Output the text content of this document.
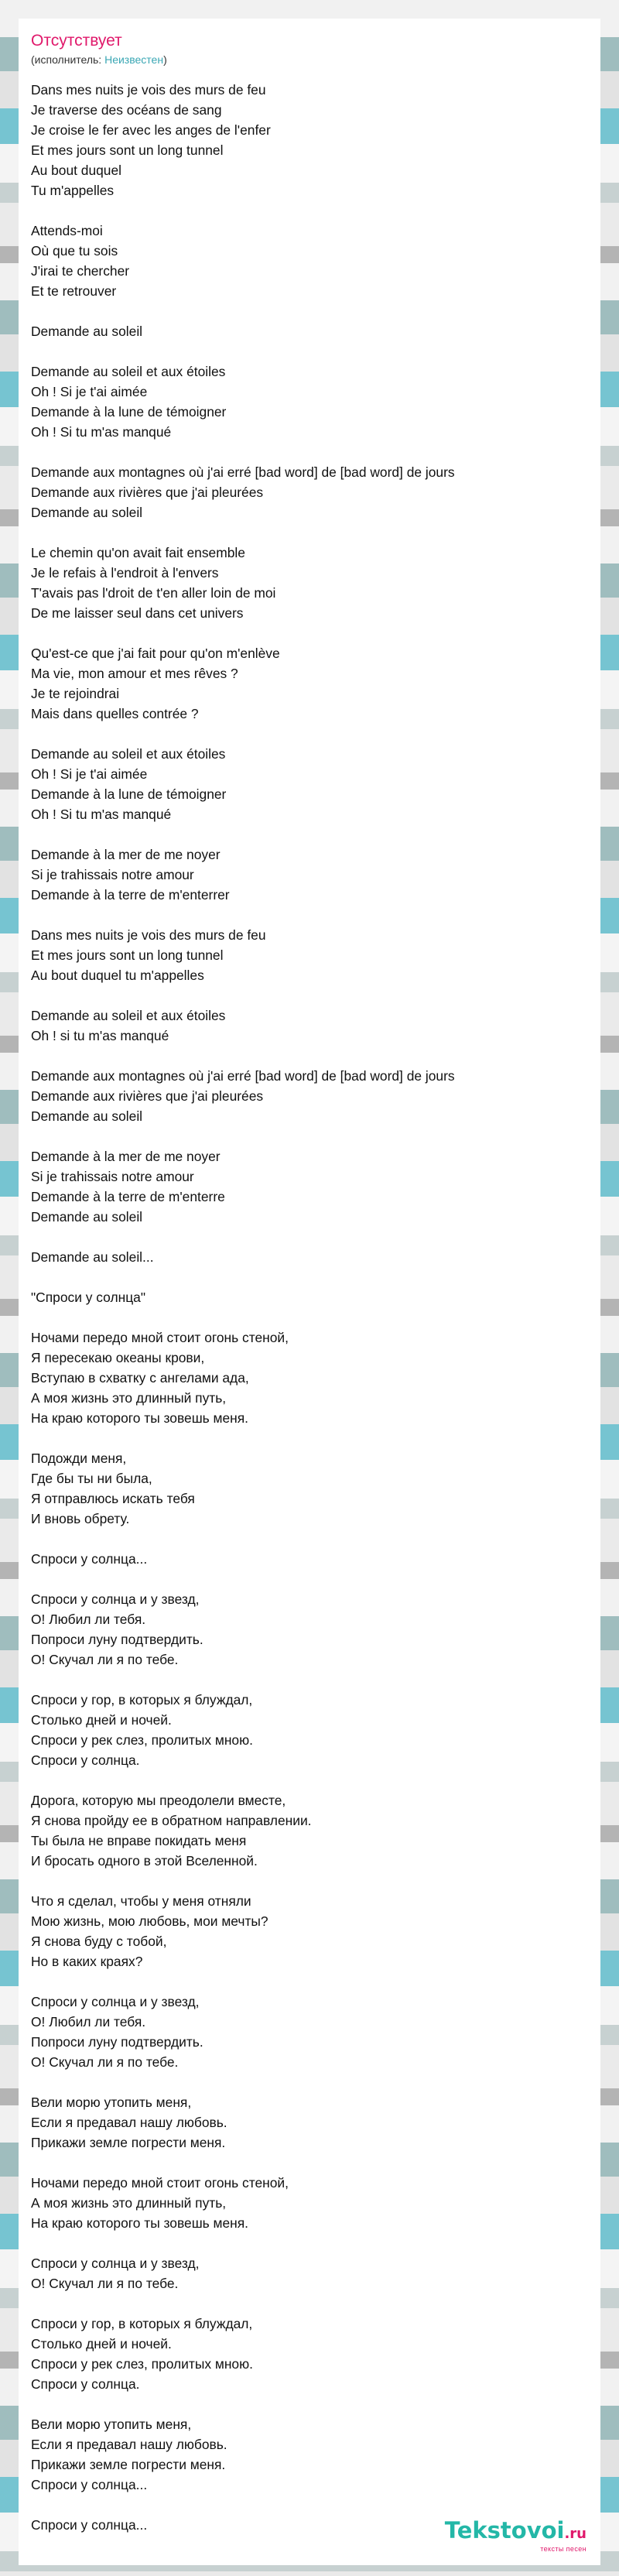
Отсутствует
(исполнитель: Неизвестен)
Dans mes nuits je vois des murs de feu
Je traverse des océans de sang
Je croise le fer avec les anges de l'enfer
Et mes jours sont un long tunnel
Au bout duquel
Tu m'appelles

Attends-moi
Où que tu sois
J'irai te chercher
Et te retrouver

Demande au soleil

Demande au soleil et aux étoiles
Oh ! Si je t'ai aimée
Demande à la lune de témoigner
Oh ! Si tu m'as manqué

Demande aux montagnes où j'ai erré [bad word] de [bad word] de jours
Demande aux rivières que j'ai pleurées
Demande au soleil

Le chemin qu'on avait fait ensemble
Je le refais à l'endroit à l'envers
T'avais pas l'droit de t'en aller loin de moi
De me laisser seul dans cet univers

Qu'est-ce que j'ai fait pour qu'on m'enlève
Ma vie, mon amour et mes rêves ?
Je te rejoindrai
Mais dans quelles contrée ?

Demande au soleil et aux étoiles
Oh ! Si je t'ai aimée
Demande à la lune de témoigner
Oh ! Si tu m'as manqué

Demande à la mer de me noyer
Si je trahissais notre amour
Demande à la terre de m'enterrer

Dans mes nuits je vois des murs de feu
Et mes jours sont un long tunnel
Au bout duquel tu m'appelles

Demande au soleil et aux étoiles
Oh ! si tu m'as manqué

Demande aux montagnes où j'ai erré [bad word] de [bad word] de jours
Demande aux rivières que j'ai pleurées
Demande au soleil

Demande à la mer de me noyer
Si je trahissais notre amour
Demande à la terre de m'enterre
Demande au soleil

Demande au soleil...

"Спроси у солнца"

Ночами передо мной стоит огонь стеной,
Я пересекаю океаны крови,
Вступаю в схватку с ангелами ада,
А моя жизнь это длинный путь,
На краю которого ты зовешь меня.

Подожди меня,
Где бы ты ни была,
Я отправлюсь искать тебя
И вновь обрету.

Спроси у солнца...

Спроси у солнца и у звезд,
О! Любил ли тебя.
Попроси луну подтвердить.
О! Скучал ли я по тебе.

Спроси у гор, в которых я блуждал,
Столько дней и ночей.
Спроси у рек слез, пролитых мною.
Спроси у солнца.

Дорога, которую мы преодолели вместе,
Я снова пройду ее в обратном направлении.
Ты была не вправе покидать меня
И бросать одного в этой Вселенной.

Что я сделал, чтобы у меня отняли
Мою жизнь, мою любовь, мои мечты?
Я снова буду с тобой,
Но в каких краях?

Спроси у солнца и у звезд,
О! Любил ли тебя.
Попроси луну подтвердить.
О! Скучал ли я по тебе.

Вели морю утопить меня,
Если я предавал нашу любовь.
Прикажи земле погрести меня.

Ночами передо мной стоит огонь стеной,
А моя жизнь это длинный путь,
На краю которого ты зовешь меня.

Спроси у солнца и у звезд,
О! Скучал ли я по тебе.

Спроси у гор, в которых я блуждал,
Столько дней и ночей.
Спроси у рек слез, пролитых мною.
Спроси у солнца.

Вели морю утопить меня,
Если я предавал нашу любовь.
Прикажи земле погрести меня.
Спроси у солнца...

Спроси у солнца...	Tekstovoi.ru
тексты песен
